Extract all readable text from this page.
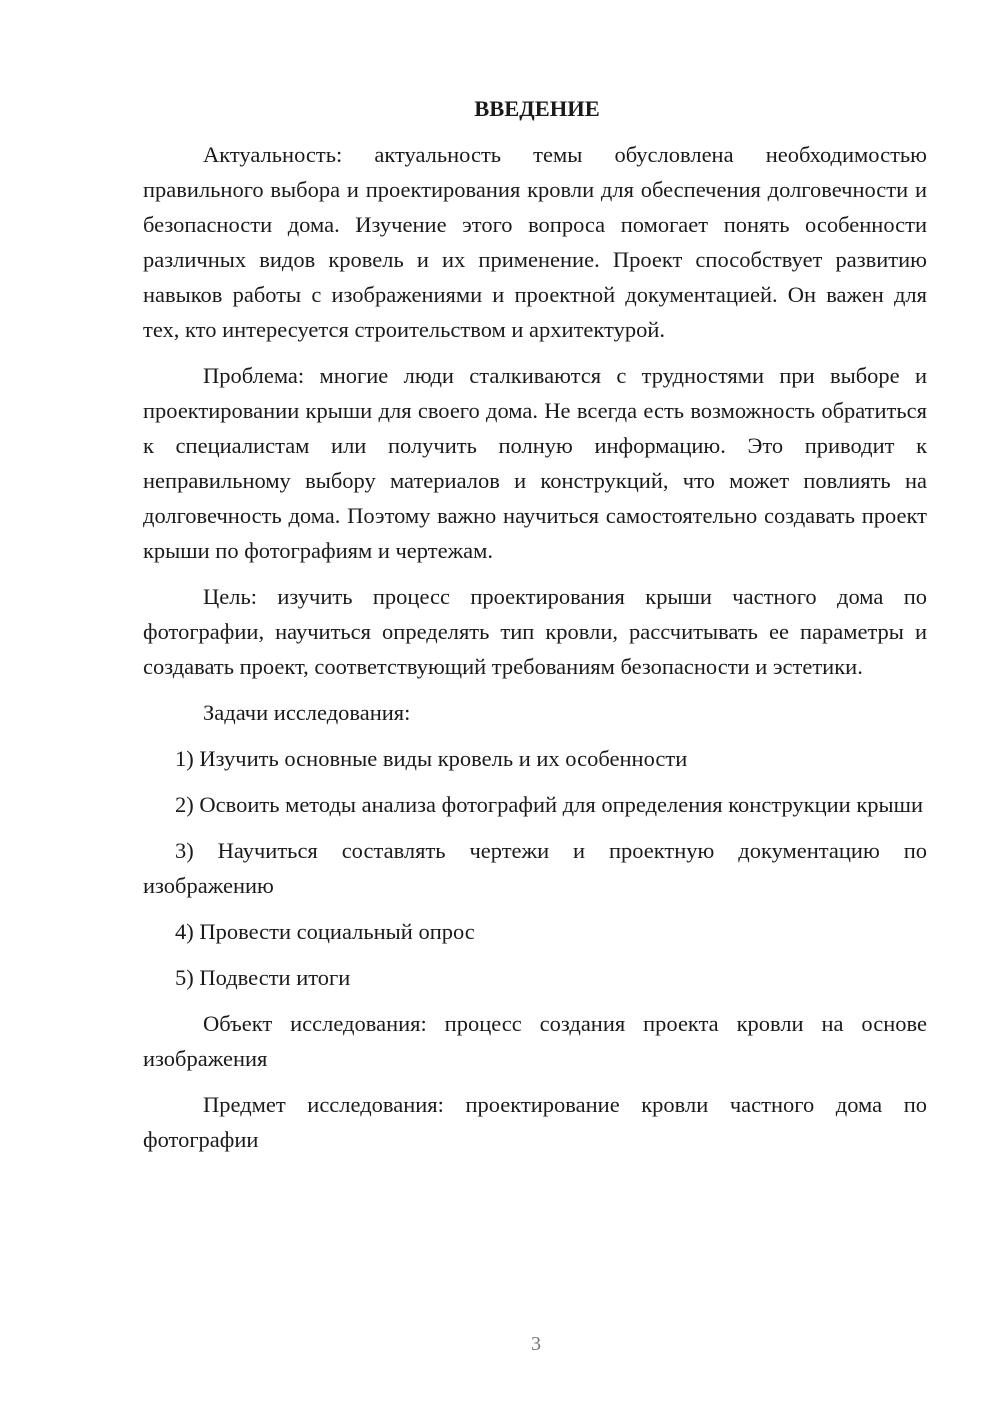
ВВЕДЕНИЕ

Актуальность: актуальность темы обусловлена необходимостью правильного выбора и проектирования кровли для обеспечения долговечности и безопасности дома. Изучение этого вопроса помогает понять особенности различных видов кровель и их применение. Проект способствует развитию навыков работы с изображениями и проектной документацией. Он важен для тех, кто интересуется строительством и архитектурой.

Проблема: многие люди сталкиваются с трудностями при выборе и проектировании крыши для своего дома. Не всегда есть возможность обратиться к специалистам или получить полную информацию. Это приводит к неправильному выбору материалов и конструкций, что может повлиять на долговечность дома. Поэтому важно научиться самостоятельно создавать проект крыши по фотографиям и чертежам.

Цель: изучить процесс проектирования крыши частного дома по фотографии, научиться определять тип кровли, рассчитывать ее параметры и создавать проект, соответствующий требованиям безопасности и эстетики.

Задачи исследования:

1) Изучить основные виды кровель и их особенности

2) Освоить методы анализа фотографий для определения конструкции крыши

3) Научиться составлять чертежи и проектную документацию по изображению

4) Провести социальный опрос

5) Подвести итоги

Объект исследования: процесс создания проекта кровли на основе изображения

Предмет исследования: проектирование кровли частного дома по фотографии

3
